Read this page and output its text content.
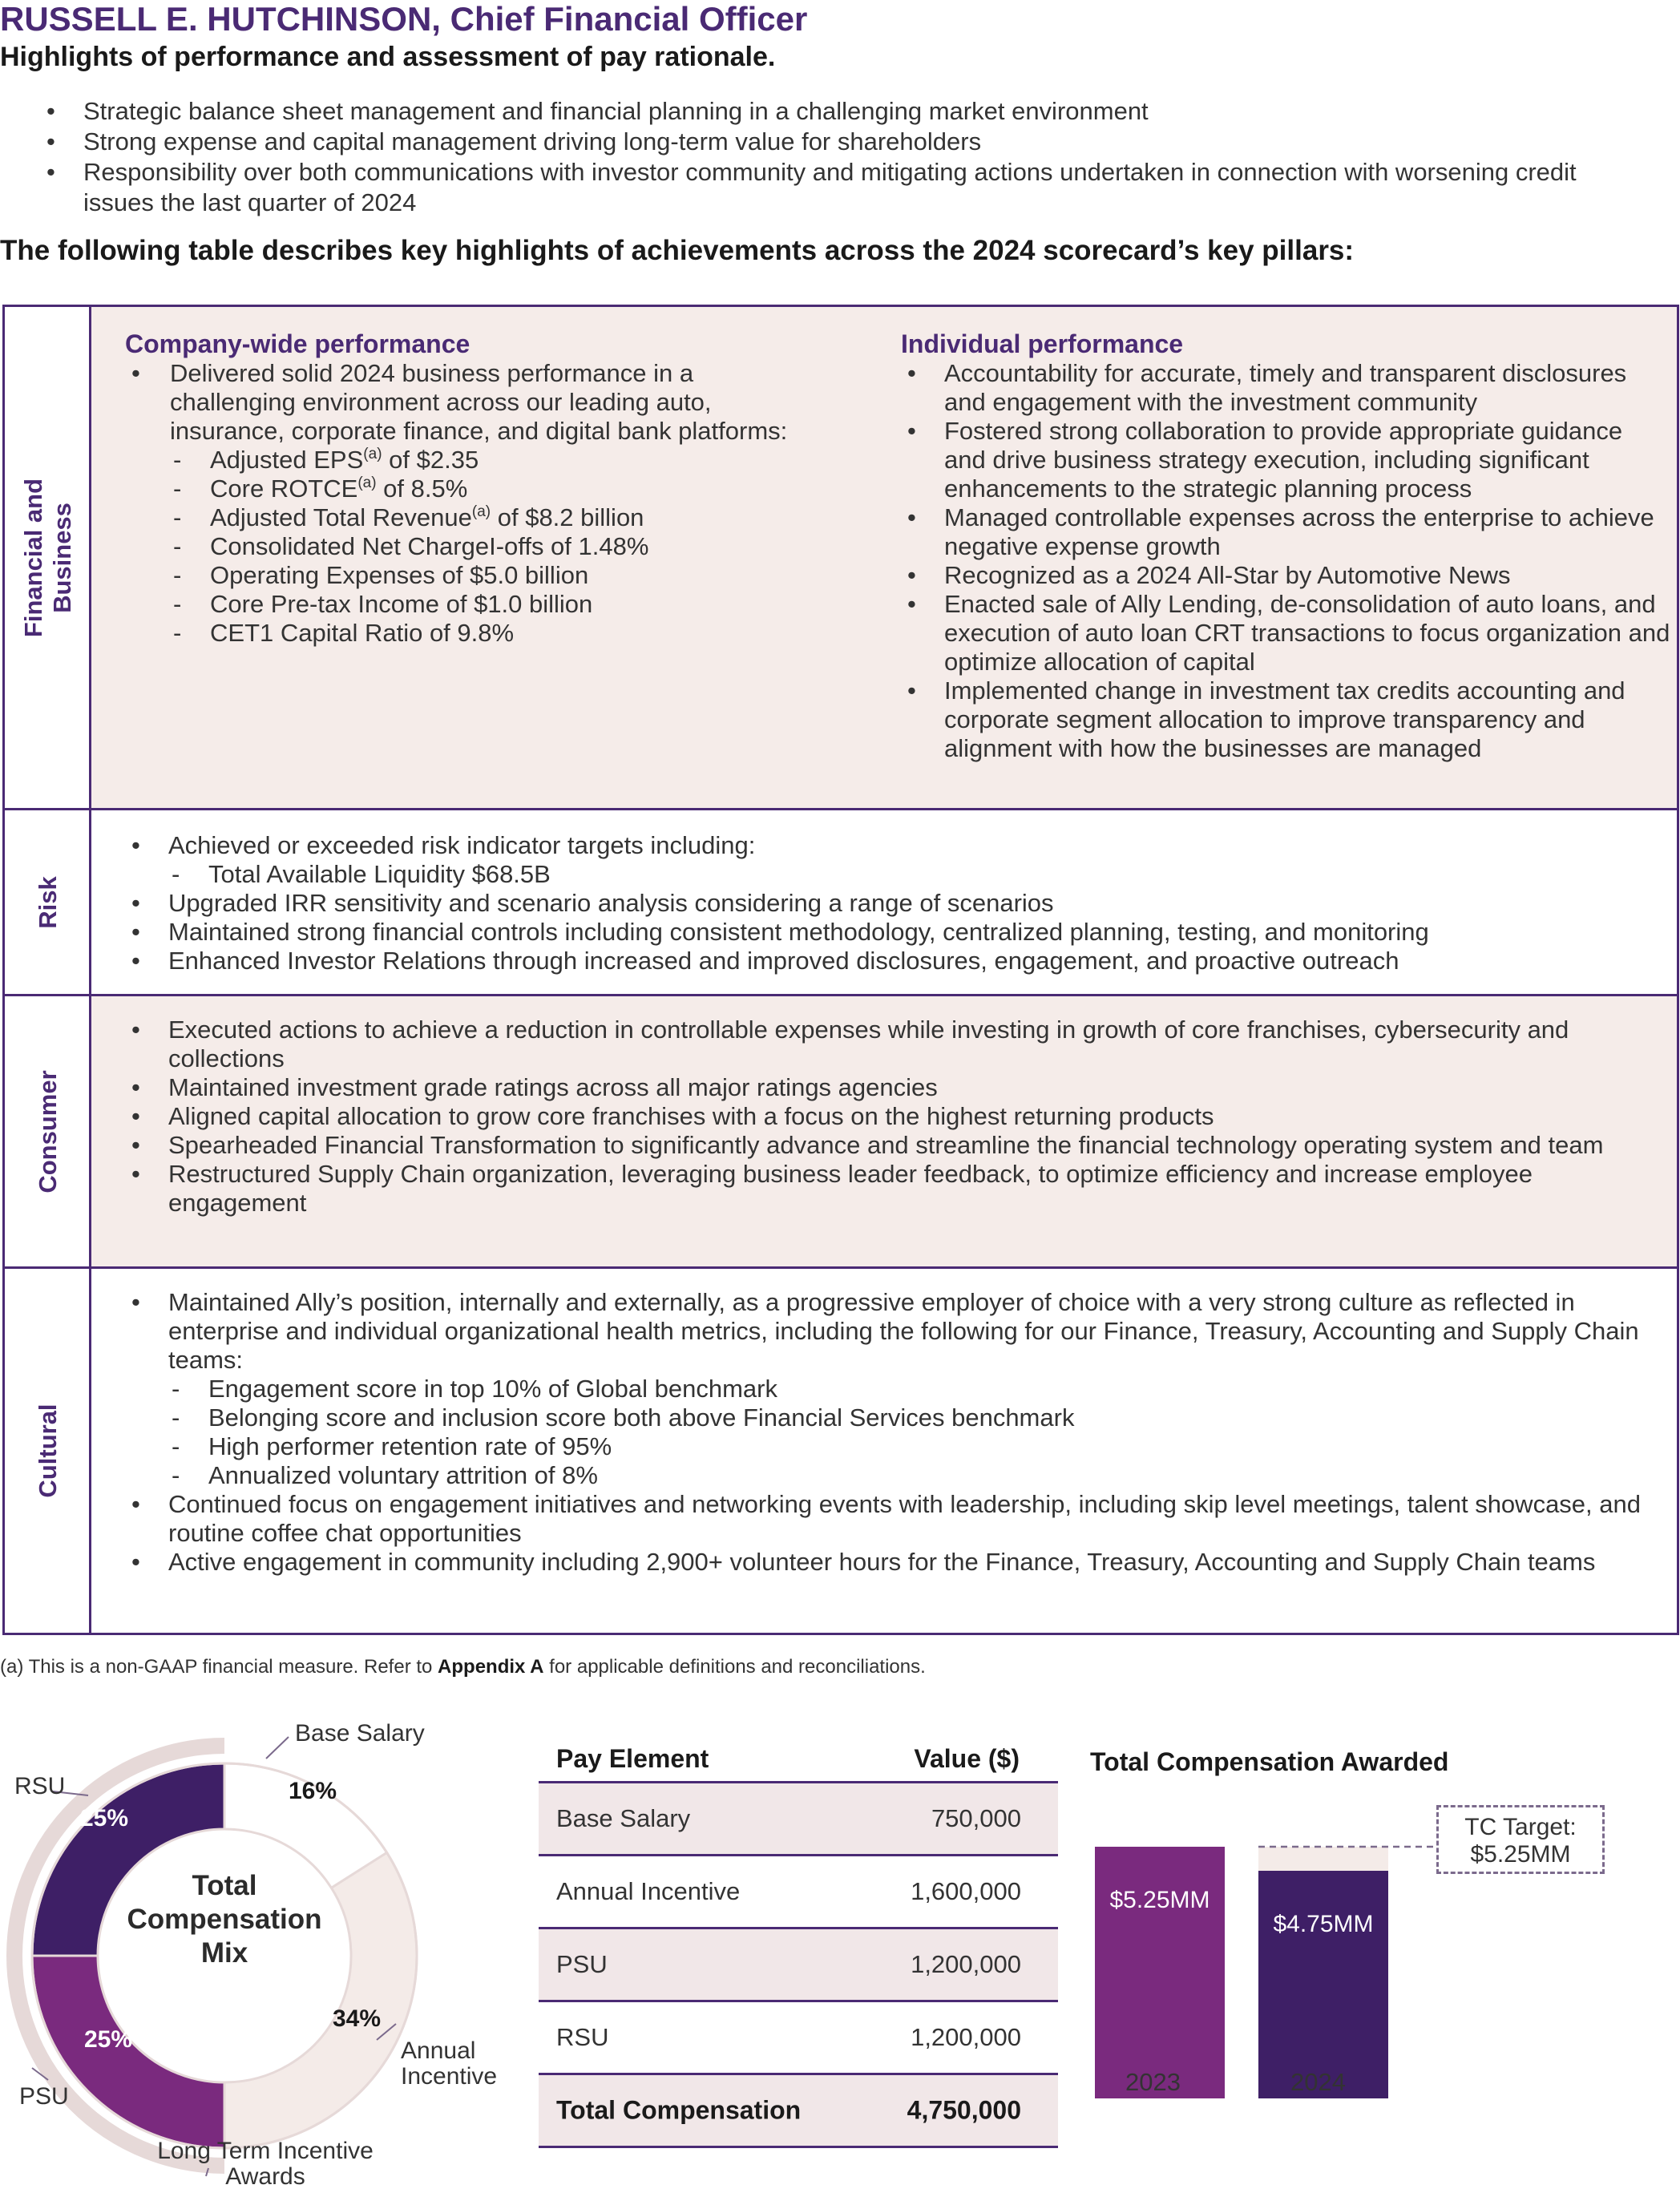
RUSSELL E. HUTCHINSON, Chief Financial Officer
Highlights of performance and assessment of pay rationale.
• Strategic balance sheet management and financial planning in a challenging market environment
• Strong expense and capital management driving long-term value for shareholders
• Responsibility over both communications with investor community and mitigating actions undertaken in connection with worsening credit issues the last quarter of 2024
The following table describes key highlights of achievements across the 2024 scorecard’s key pillars:
Financial and Business
Company-wide performance
• Delivered solid 2024 business performance in a challenging environment across our leading auto, insurance, corporate finance, and digital bank platforms:
- Adjusted EPS$^{(a)}$ of $2.35
- Core ROTCE$^{(a)}$ of 8.5%
- Adjusted Total Revenue$^{(a)}$ of $8.2 billion
- Consolidated Net ChargeI-offs of 1.48%
- Operating Expenses of $5.0 billion
- Core Pre-tax Income of $1.0 billion
- CET1 Capital Ratio of 9.8%
Individual performance
• Accountability for accurate, timely and transparent disclosures and engagement with the investment community
• Fostered strong collaboration to provide appropriate guidance and drive business strategy execution, including significant enhancements to the strategic planning process
• Managed controllable expenses across the enterprise to achieve negative expense growth
• Recognized as a 2024 All-Star by Automotive News
• Enacted sale of Ally Lending, de-consolidation of auto loans, and execution of auto loan CRT transactions to focus organization and optimize allocation of capital
• Implemented change in investment tax credits accounting and corporate segment allocation to improve transparency and alignment with how the businesses are managed
Risk
• Achieved or exceeded risk indicator targets including:
- Total Available Liquidity $68.5B
• Upgraded IRR sensitivity and scenario analysis considering a range of scenarios
• Maintained strong financial controls including consistent methodology, centralized planning, testing, and monitoring
• Enhanced Investor Relations through increased and improved disclosures, engagement, and proactive outreach
Consumer
• Executed actions to achieve a reduction in controllable expenses while investing in growth of core franchises, cybersecurity and collections
• Maintained investment grade ratings across all major ratings agencies
• Aligned capital allocation to grow core franchises with a focus on the highest returning products
• Spearheaded Financial Transformation to significantly advance and streamline the financial technology operating system and team
• Restructured Supply Chain organization, leveraging business leader feedback, to optimize efficiency and increase employee engagement
Cultural
• Maintained Ally’s position, internally and externally, as a progressive employer of choice with a very strong culture as reflected in enterprise and individual organizational health metrics, including the following for our Finance, Treasury, Accounting and Supply Chain teams:
- Engagement score in top 10% of Global benchmark
- Belonging score and inclusion score both above Financial Services benchmark
- High performer retention rate of 95%
- Annualized voluntary attrition of 8%
• Continued focus on engagement initiatives and networking events with leadership, including skip level meetings, talent showcase, and routine coffee chat opportunities
• Active engagement in community including 2,900+ volunteer hours for the Finance, Treasury, Accounting and Supply Chain teams
(a) This is a non-GAAP financial measure. Refer to Appendix A for applicable definitions and reconciliations.
Total Compensation Mix
Base Salary
RSU
Annual Incentive
PSU
Long Term Incentive Awards
16%
34%
25%
25%
Pay Element	Value ($)
Base Salary	750,000
Annual Incentive	1,600,000
PSU	1,200,000
RSU	1,200,000
Total Compensation	4,750,000
Total Compensation Awarded
$5.25MM
$4.75MM
2023	2024
TC Target: $5.25MM
